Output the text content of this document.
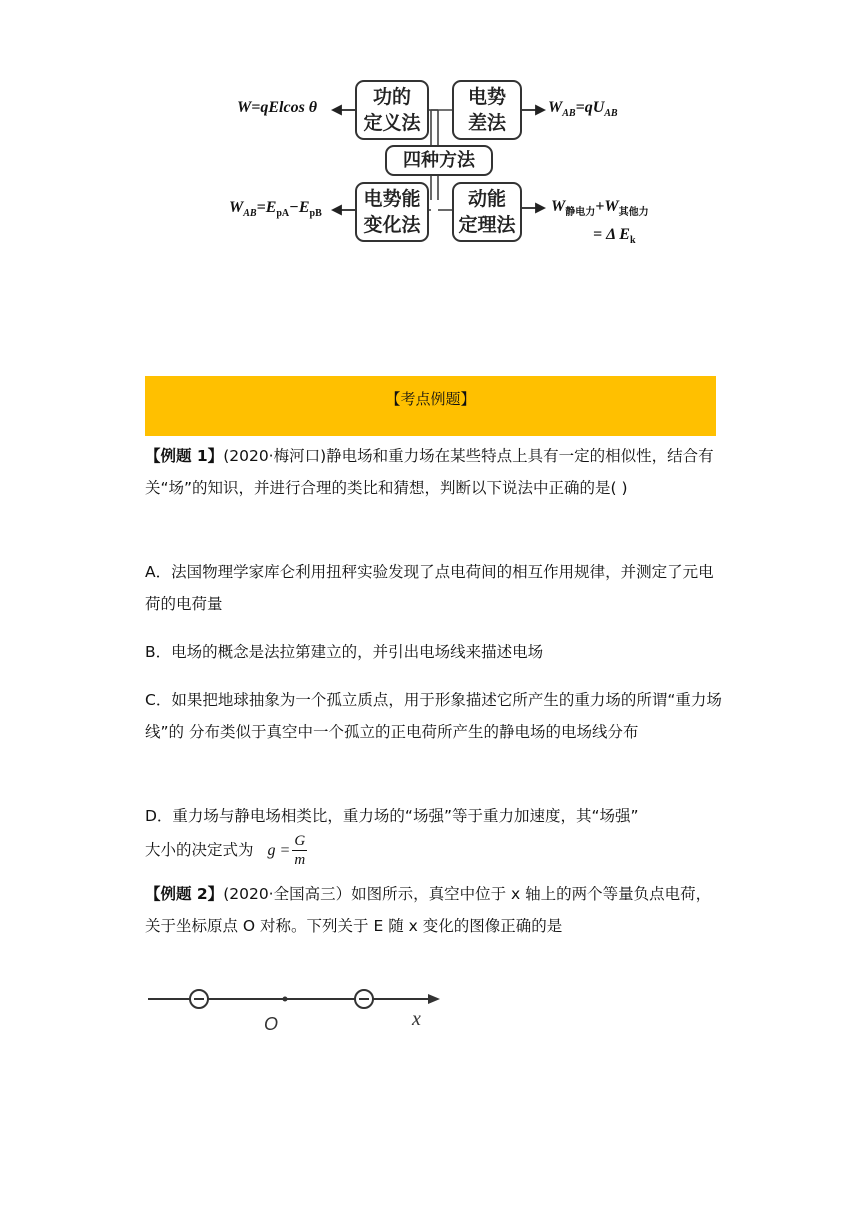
功的
定义法
电势
差法
四种方法
电势能
变化法
动能
定理法
W=qElcos θ	$W_{AB}=qU_{AB}$
$W_{AB}=E_{pA}-E_{pB}$	$W_{静电力}+W_{其他力}$
= Δ $E_k$
【考点例题】
【例题 1】(2020·梅河口)静电场和重力场在某些特点上具有一定的相似性，结合有关“场”的知识，并进行合理的类比和猜想，判断以下说法中正确的是( )
A．法国物理学家库仑利用扭秤实验发现了点电荷间的相互作用规律，并测定了元电荷的电荷量
B．电场的概念是法拉第建立的，并引出电场线来描述电场
C．如果把地球抽象为一个孤立质点，用于形象描述它所产生的重力场的所谓“重力场线”的 分布类似于真空中一个孤立的正电荷所产生的静电场的电场线分布
D．重力场与静电场相类比，重力场的“场强”等于重力加速度，其“场强”
大小的决定式为 $g = \frac{G}{m}$
【例题 2】(2020·全国高三）如图所示，真空中位于 x 轴上的两个等量负点电荷，关于坐标原点 O 对称。下列关于 E 随 x 变化的图像正确的是
O	x
